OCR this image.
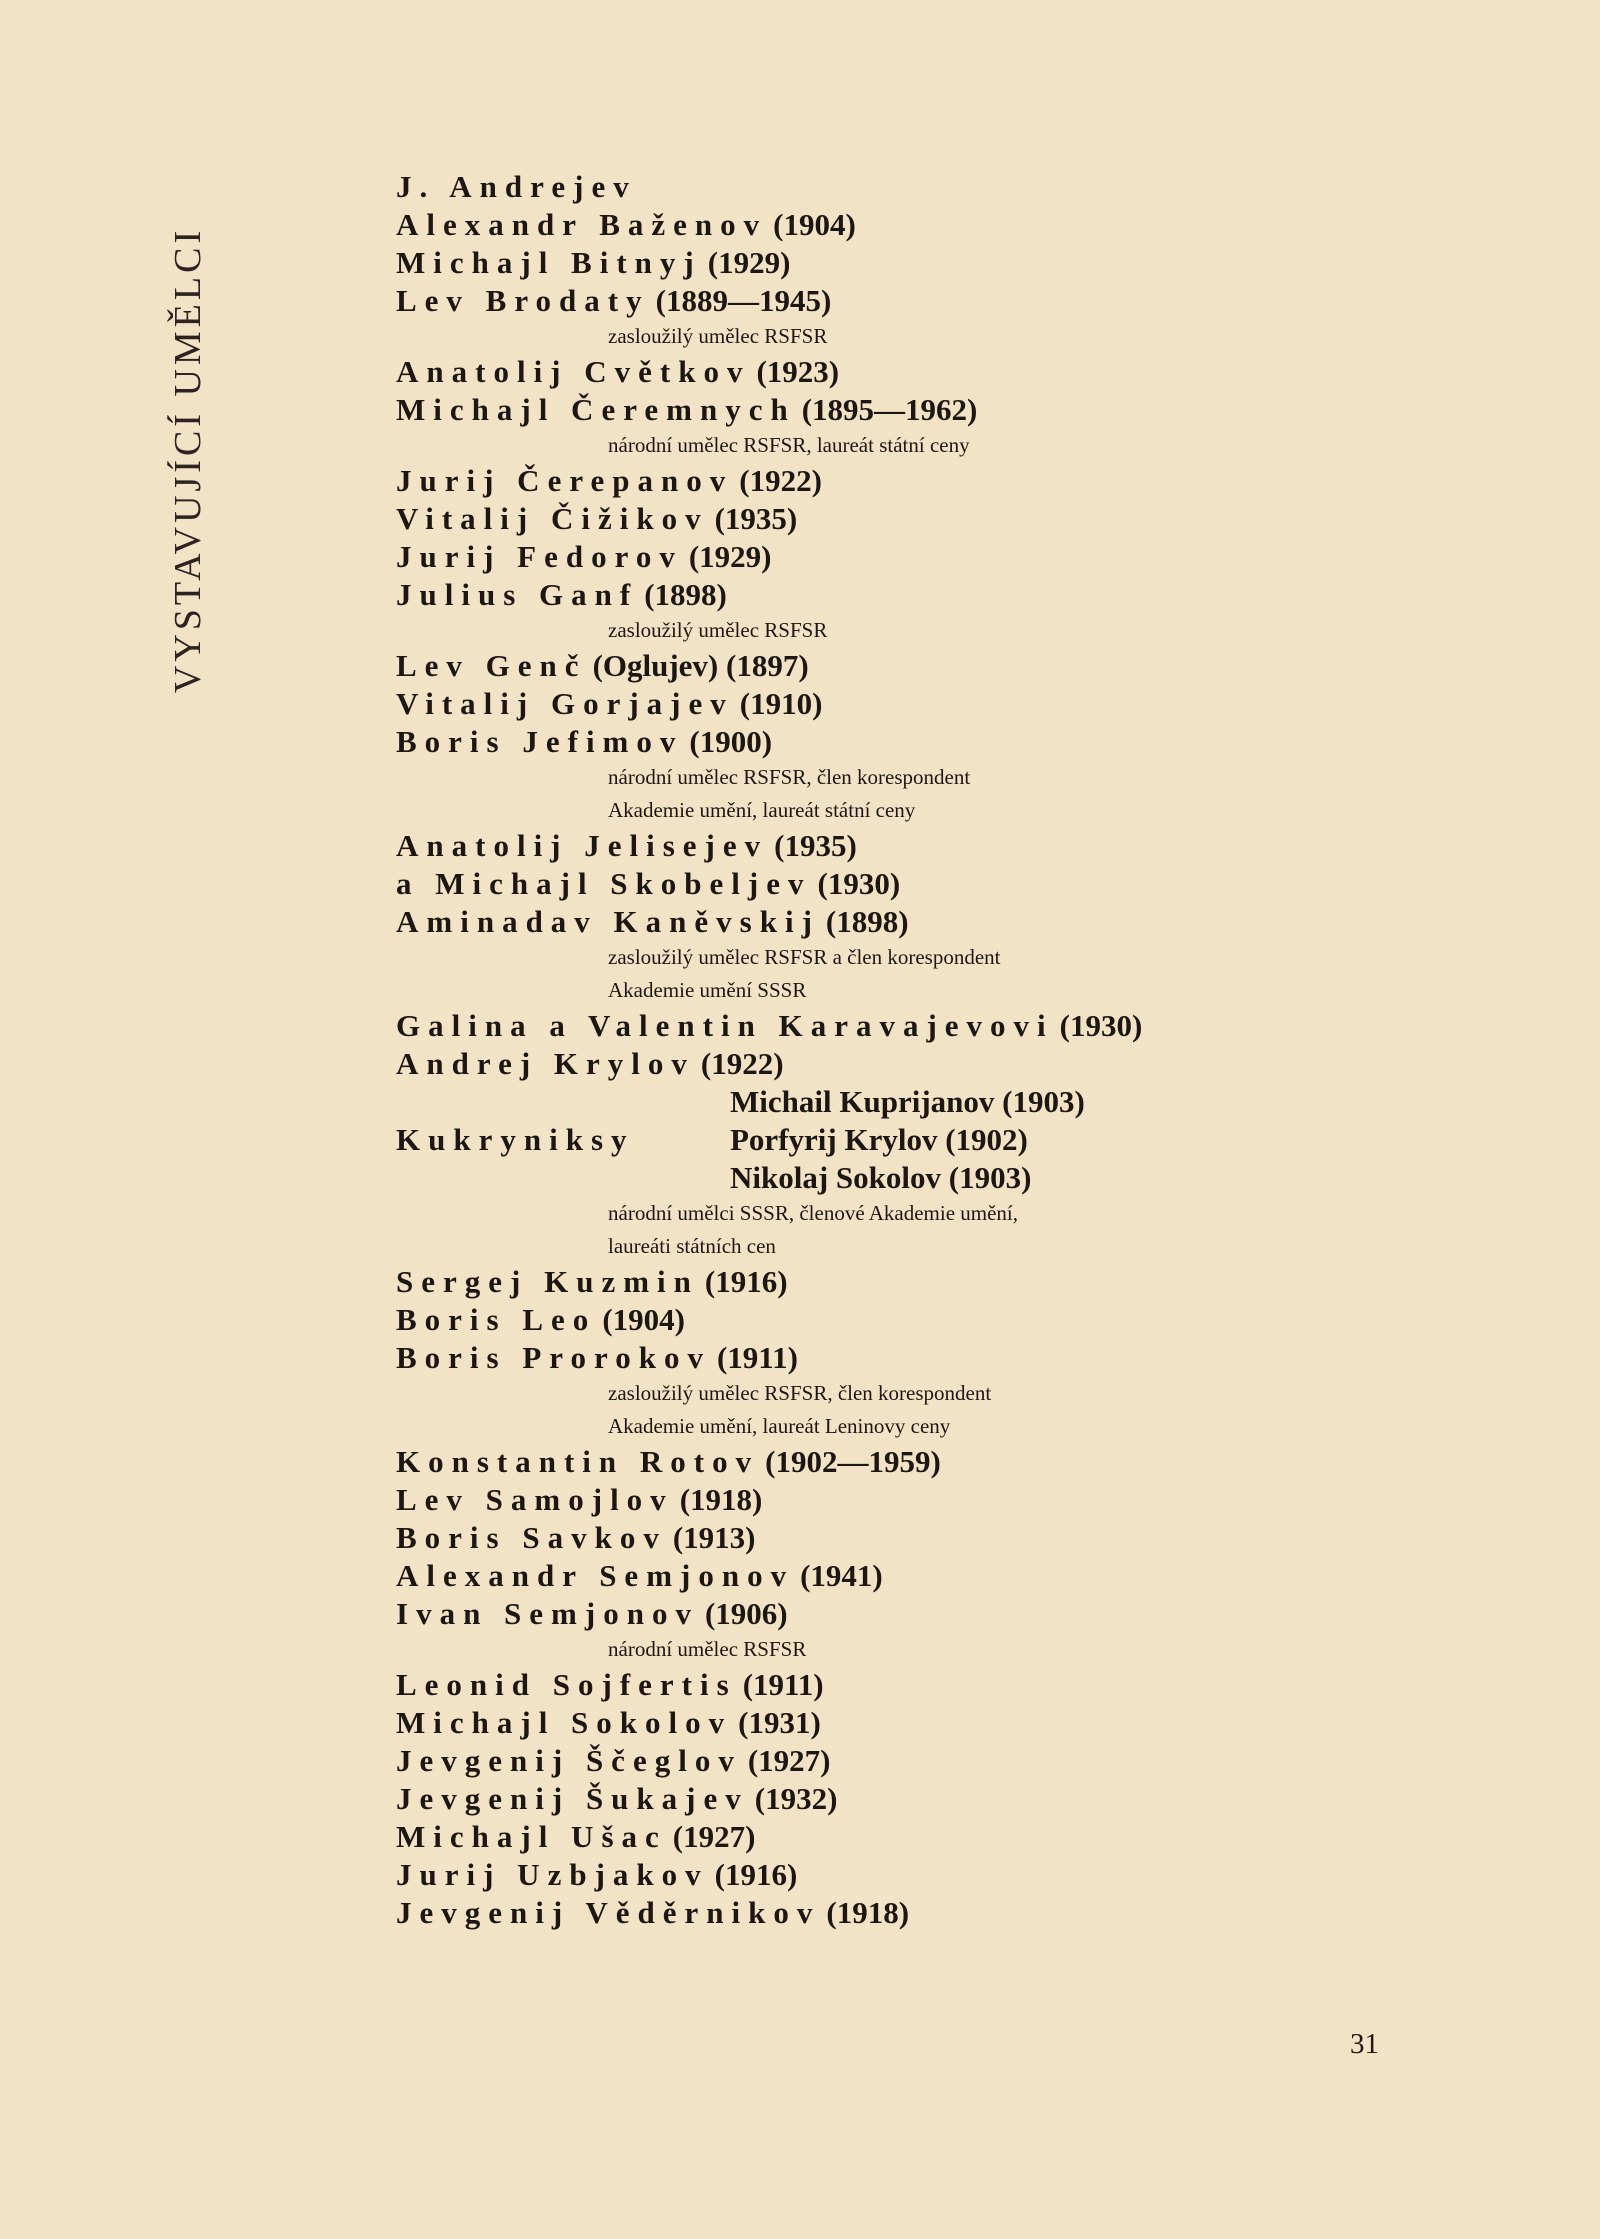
VYSTAVUJÍCÍ UMĚLCI
J. Andrejev
Alexandr Baženov (1904)
Michajl Bitnyj (1929)
Lev Brodaty (1889—1945)
zasloužilý umělec RSFSR
Anatolij Cvětkov (1923)
Michajl Čeremnych (1895—1962)
národní umělec RSFSR, laureát státní ceny
Jurij Čerepanov (1922)
Vitalij Čižikov (1935)
Jurij Fedorov (1929)
Julius Ganf (1898)
zasloužilý umělec RSFSR
Lev Genč (Oglujev) (1897)
Vitalij Gorjajev (1910)
Boris Jefimov (1900)
národní umělec RSFSR, člen korespondent
Akademie umění, laureát státní ceny
Anatolij Jelisejev (1935)
a Michajl Skobeljev (1930)
Aminadav Kaněvskij (1898)
zasloužilý umělec RSFSR a člen korespondent
Akademie umění SSSR
Galina a Valentin Karavajevovi (1930)
Andrej Krylov (1922)
Kukryniksy
Michail Kuprijanov (1903)
Porfyrij Krylov (1902)
Nikolaj Sokolov (1903)
národní umělci SSSR, členové Akademie umění,
laureáti státních cen
Sergej Kuzmin (1916)
Boris Leo (1904)
Boris Prorokov (1911)
zasloužilý umělec RSFSR, člen korespondent
Akademie umění, laureát Leninovy ceny
Konstantin Rotov (1902—1959)
Lev Samojlov (1918)
Boris Savkov (1913)
Alexandr Semjonov (1941)
Ivan Semjonov (1906)
národní umělec RSFSR
Leonid Sojfertis (1911)
Michajl Sokolov (1931)
Jevgenij Ščeglov (1927)
Jevgenij Šukajev (1932)
Michajl Ušac (1927)
Jurij Uzbjakov (1916)
Jevgenij Věděrnikov (1918)
31
